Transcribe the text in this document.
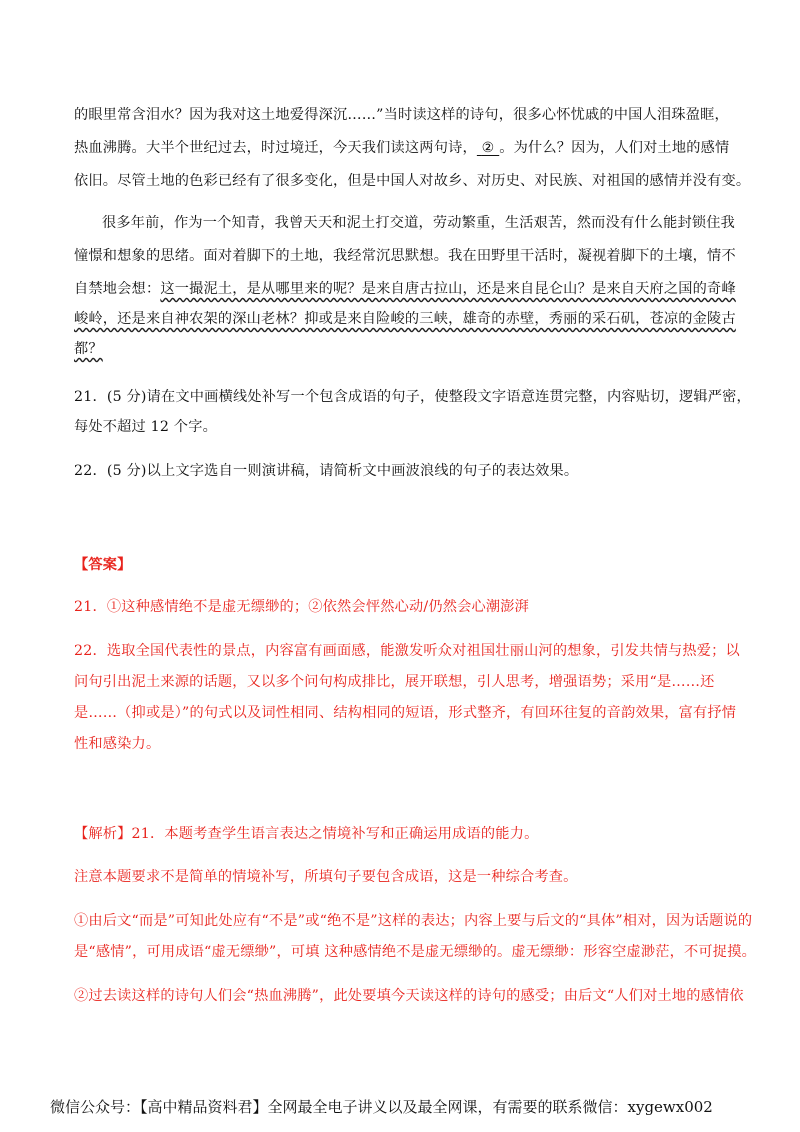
的眼里常含泪水？因为我对这土地爱得深沉……”当时读这样的诗句，很多心怀忧戚的中国人泪珠盈眶，
热血沸腾。大半个世纪过去，时过境迁，今天我们读这两句诗， ② 。为什么？因为，人们对土地的感情
依旧。尽管土地的色彩已经有了很多变化，但是中国人对故乡、对历史、对民族、对祖国的感情并没有变。
很多年前，作为一个知青，我曾天天和泥土打交道，劳动繁重，生活艰苦，然而没有什么能封锁住我
憧憬和想象的思绪。面对着脚下的土地，我经常沉思默想。我在田野里干活时，凝视着脚下的土壤，情不
自禁地会想：这一撮泥土，是从哪里来的呢？是来自唐古拉山，还是来自昆仑山？是来自天府之国的奇峰
峻岭，还是来自神农架的深山老林？抑或是来自险峻的三峡，雄奇的赤壁，秀丽的采石矶，苍凉的金陵古
都？
21．(5 分)请在文中画横线处补写一个包含成语的句子，使整段文字语意连贯完整，内容贴切，逻辑严密，
每处不超过 12 个字。
22．(5 分)以上文字选自一则演讲稿，请简析文中画波浪线的句子的表达效果。
【答案】
21．①这种感情绝不是虚无缥缈的；②依然会怦然心动/仍然会心潮澎湃
22．选取全国代表性的景点，内容富有画面感，能激发听众对祖国壮丽山河的想象，引发共情与热爱；以
问句引出泥土来源的话题，又以多个问句构成排比，展开联想，引人思考，增强语势；采用“是……还
是……（抑或是）”的句式以及词性相同、结构相同的短语，形式整齐，有回环往复的音韵效果，富有抒情
性和感染力。
【解析】21．本题考查学生语言表达之情境补写和正确运用成语的能力。
注意本题要求不是简单的情境补写，所填句子要包含成语，这是一种综合考查。
①由后文“而是”可知此处应有“不是”或“绝不是”这样的表达；内容上要与后文的“具体”相对，因为话题说的
是“感情”，可用成语“虚无缥缈”，可填 这种感情绝不是虚无缥缈的。虚无缥缈：形容空虚渺茫，不可捉摸。
②过去读这样的诗句人们会“热血沸腾”，此处要填今天读这样的诗句的感受；由后文“人们对土地的感情依
微信公众号：【高中精品资料君】全网最全电子讲义以及最全网课，有需要的联系微信：xygewx002
